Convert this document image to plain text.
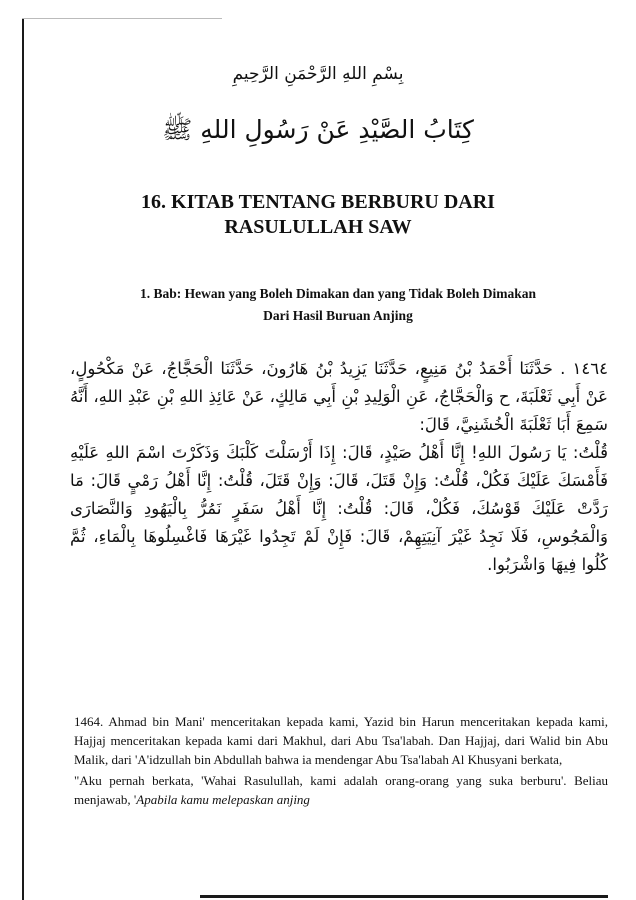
بِسْمِ اللهِ الرَّحْمَنِ الرَّحِيمِ
كِتَابُ الصَّيْدِ عَنْ رَسُولِ اللهِ ﷺ
16. KITAB TENTANG BERBURU DARI
RASULULLAH SAW
1. Bab: Hewan yang Boleh Dimakan dan yang Tidak Boleh Dimakan
Dari Hasil Buruan Anjing

١٤٦٤ . حَدَّثَنَا أَحْمَدُ بْنُ مَنِيعٍ، حَدَّثَنَا يَزِيدُ بْنُ هَارُونَ، حَدَّثَنَا الْحَجَّاجُ، عَنْ مَكْحُولٍ، عَنْ أَبِي ثَعْلَبَةَ، ح وَالْحَجَّاجُ، عَنِ الْوَلِيدِ بْنِ أَبِي مَالِكٍ، عَنْ عَائِذِ اللهِ بْنِ عَبْدِ اللهِ، أَنَّهُ سَمِعَ أَبَا ثَعْلَبَةَ الْخُشَنِيَّ، قَالَ:

قُلْتُ: يَا رَسُولَ اللهِ! إِنَّا أَهْلُ صَيْدٍ، قَالَ: إِذَا أَرْسَلْتَ كَلْبَكَ وَذَكَرْتَ اسْمَ اللهِ عَلَيْهِ فَأَمْسَكَ عَلَيْكَ فَكُلْ، قُلْتُ: وَإِنْ قَتَلَ، قَالَ: وَإِنْ قَتَلَ، قُلْتُ: إِنَّا أَهْلُ رَمْيٍ قَالَ: مَا رَدَّتْ عَلَيْكَ قَوْسُكَ، فَكُلْ، قَالَ: قُلْتُ: إِنَّا أَهْلُ سَفَرٍ نَمُرُّ بِالْيَهُودِ وَالنَّصَارَى وَالْمَجُوسِ، فَلَا نَجِدُ غَيْرَ آنِيَتِهِمْ، قَالَ: فَإِنْ لَمْ تَجِدُوا غَيْرَهَا فَاغْسِلُوهَا بِالْمَاءِ، ثُمَّ كُلُوا فِيهَا وَاشْرَبُوا.

1464. Ahmad bin Mani' menceritakan kepada kami, Yazid bin Harun menceritakan kepada kami, Hajjaj menceritakan kepada kami dari Makhul, dari Abu Tsa'labah. Dan Hajjaj, dari Walid bin Abu Malik, dari 'A'idzullah bin Abdullah bahwa ia mendengar Abu Tsa'labah Al Khusyani berkata,

"Aku pernah berkata, 'Wahai Rasulullah, kami adalah orang-orang yang suka berburu'. Beliau menjawab, 'Apabila kamu melepaskan anjing
